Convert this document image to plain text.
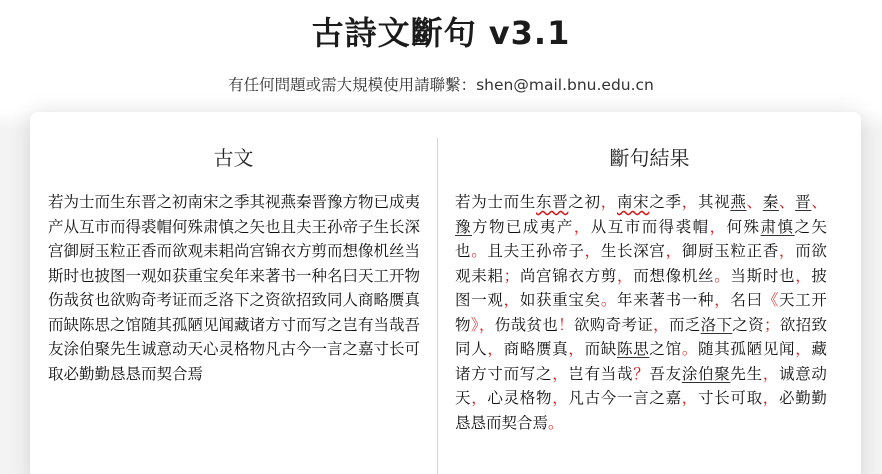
古詩文斷句 v3.1
有任何問題或需大規模使用請聯繫：shen@mail.bnu.edu.cn
古文
若为士而生东晋之初南宋之季其视燕秦晋豫方物已成夷产从互市而得裘帽何殊肃慎之矢也且夫王孙帝子生长深宫御厨玉粒正香而欲观耒耜尚宫锦衣方剪而想像机丝当斯时也披图一观如获重宝矣年来著书一种名曰天工开物伤哉贫也欲购奇考证而乏洛下之资欲招致同人商略赝真而缺陈思之馆随其孤陋见闻藏诸方寸而写之岂有当哉吾友涂伯聚先生诚意动天心灵格物凡古今一言之嘉寸长可取必勤勤恳恳而契合焉
斷句結果
若为士而生东晋之初，南宋之季，其视燕、秦、晋、豫方物已成夷产，从互市而得裘帽，何殊肃慎之矢也。且夫王孙帝子，生长深宫，御厨玉粒正香，而欲观耒耜；尚宫锦衣方剪，而想像机丝。当斯时也，披图一观，如获重宝矣。年来著书一种，名曰《天工开物》，伤哉贫也！欲购奇考证，而乏洛下之资；欲招致同人，商略赝真，而缺陈思之馆。随其孤陋见闻，藏诸方寸而写之，岂有当哉？吾友涂伯聚先生，诚意动天，心灵格物，凡古今一言之嘉，寸长可取，必勤勤恳恳而契合焉。
